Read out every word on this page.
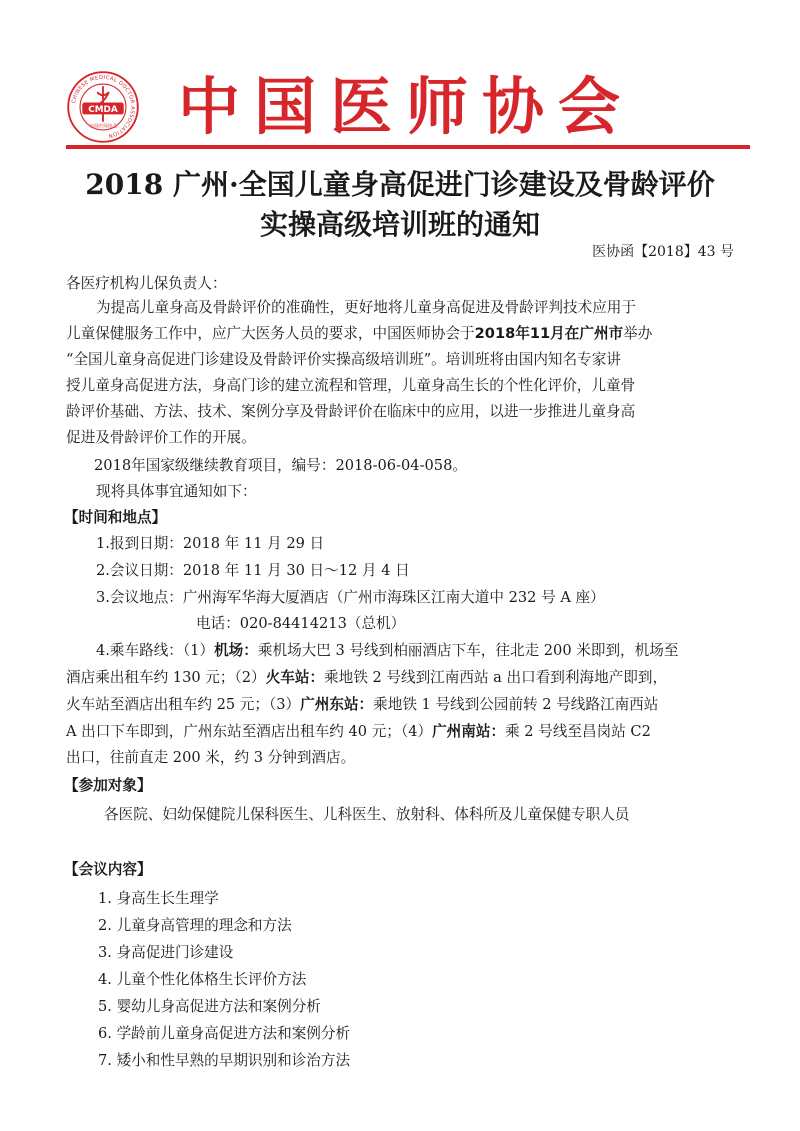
CHINESE MEDICAL DOCTOR ASSOCIATION
CMDA
中国医师协会 中国医师协会
2018 广州·全国儿童身高促进门诊建设及骨龄评价
实操高级培训班的通知
医协函【2018】43 号
各医疗机构儿保负责人：
为提高儿童身高及骨龄评价的准确性，更好地将儿童身高促进及骨龄评判技术应用于
儿童保健服务工作中，应广大医务人员的要求，中国医师协会于2018年11月在广州市举办
“全国儿童身高促进门诊建设及骨龄评价实操高级培训班”。培训班将由国内知名专家讲
授儿童身高促进方法，身高门诊的建立流程和管理，儿童身高生长的个性化评价，儿童骨
龄评价基础、方法、技术、案例分享及骨龄评价在临床中的应用，以进一步推进儿童身高
促进及骨龄评价工作的开展。
2018年国家级继续教育项目，编号：2018-06-04-058。
现将具体事宜通知如下：
【时间和地点】
1.报到日期：2018 年 11 月 29 日
2.会议日期：2018 年 11 月 30 日～12 月 4 日
3.会议地点：广州海军华海大厦酒店（广州市海珠区江南大道中 232 号 A 座）
电话：020-84414213（总机）
4.乘车路线：（1）机场：乘机场大巴 3 号线到柏丽酒店下车，往北走 200 米即到，机场至
酒店乘出租车约 130 元；（2）火车站：乘地铁 2 号线到江南西站 a 出口看到利海地产即到，
火车站至酒店出租车约 25 元；（3）广州东站：乘地铁 1 号线到公园前转 2 号线路江南西站
A 出口下车即到，广州东站至酒店出租车约 40 元；（4）广州南站：乘 2 号线至昌岗站 C2
出口，往前直走 200 米，约 3 分钟到酒店。
【参加对象】
各医院、妇幼保健院儿保科医生、儿科医生、放射科、体科所及儿童保健专职人员
【会议内容】
1. 身高生长生理学
2. 儿童身高管理的理念和方法
3. 身高促进门诊建设
4. 儿童个性化体格生长评价方法
5. 婴幼儿身高促进方法和案例分析
6. 学龄前儿童身高促进方法和案例分析
7. 矮小和性早熟的早期识别和诊治方法
